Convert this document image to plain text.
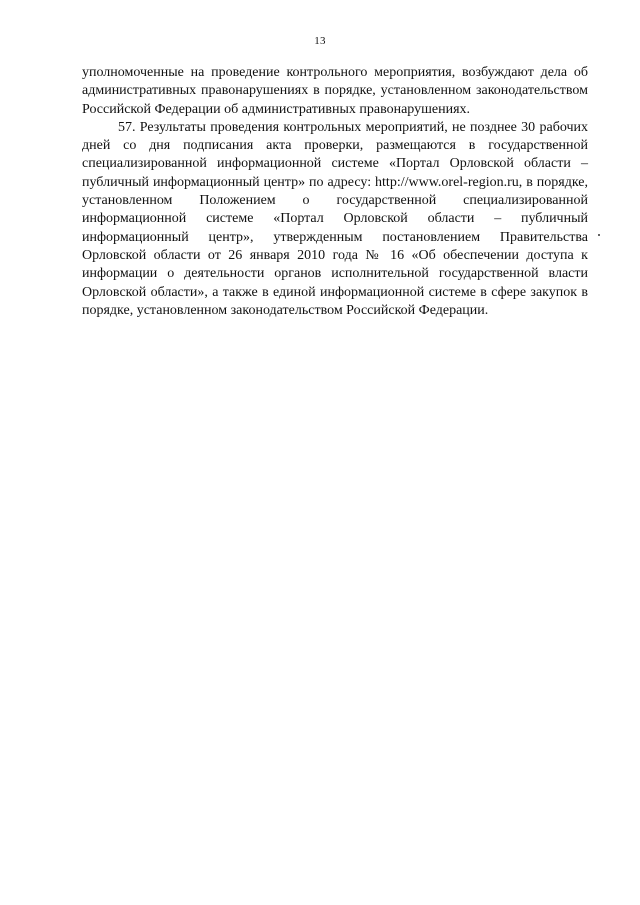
13

уполномоченные на проведение контрольного мероприятия, возбуждают дела об административных правонарушениях в порядке, установленном законодательством Российской Федерации об административных правонарушениях.

57. Результаты проведения контрольных мероприятий, не позднее 30 рабочих дней со дня подписания акта проверки, размещаются в государственной специализированной информационной системе «Портал Орловской области – публичный информационный центр» по адресу: http://www.orel-region.ru, в порядке, установленном Положением о государственной специализированной информационной системе «Портал Орловской области – публичный информационный центр», утвержденным постановлением Правительства Орловской области от 26 января 2010 года № 16 «Об обеспечении доступа к информации о деятельности органов исполнительной государственной власти Орловской области», а также в единой информационной системе в сфере закупок в порядке, установленном законодательством Российской Федерации.
